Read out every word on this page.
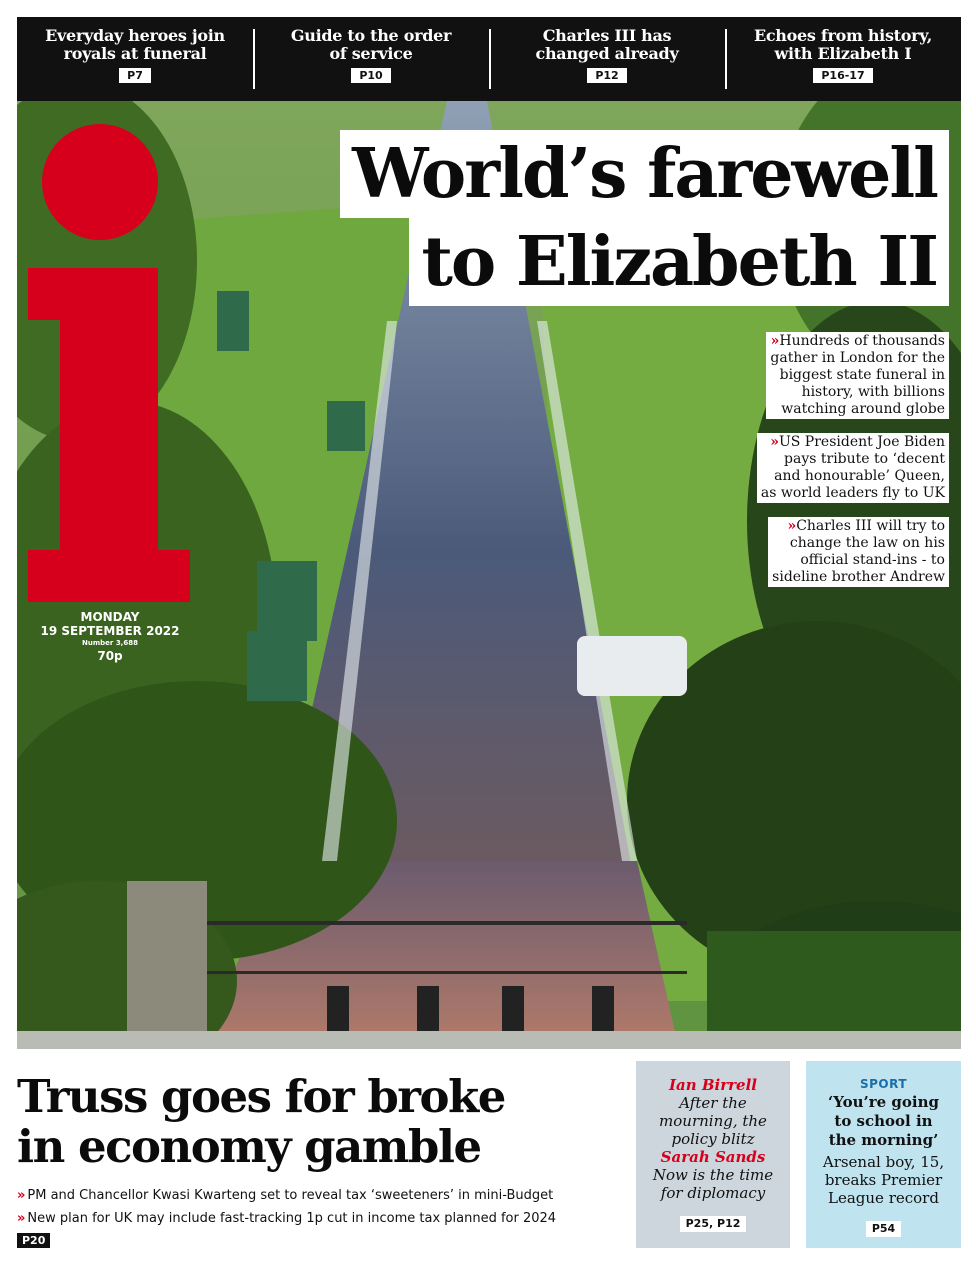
Everyday heroes join
royals at funeral
P7
Guide to the order
of service
P10
Charles III has
changed already
P12
Echoes from history,
with Elizabeth I
P16-17
MONDAY
19 SEPTEMBER 2022
Number 3,688
70p
World’s farewell
to Elizabeth II
»Hundreds of thousands
gather in London for the
biggest state funeral in
history, with billions
watching around globe
»US President Joe Biden
pays tribute to ‘decent
and honourable’ Queen,
as world leaders fly to UK
»Charles III will try to
change the law on his
official stand-ins - to
sideline brother Andrew
Truss goes for broke
in economy gamble
» PM and Chancellor Kwasi Kwarteng set to reveal tax ‘sweeteners’ in mini-Budget
» New plan for UK may include fast-tracking 1p cut in income tax planned for 2024
P20
Ian Birrell
After the
mourning, the
policy blitz
Sarah Sands
Now is the time
for diplomacy
P25, P12
SPORT
‘You’re going
to school in
the morning’
Arsenal boy, 15,
breaks Premier
League record
P54
